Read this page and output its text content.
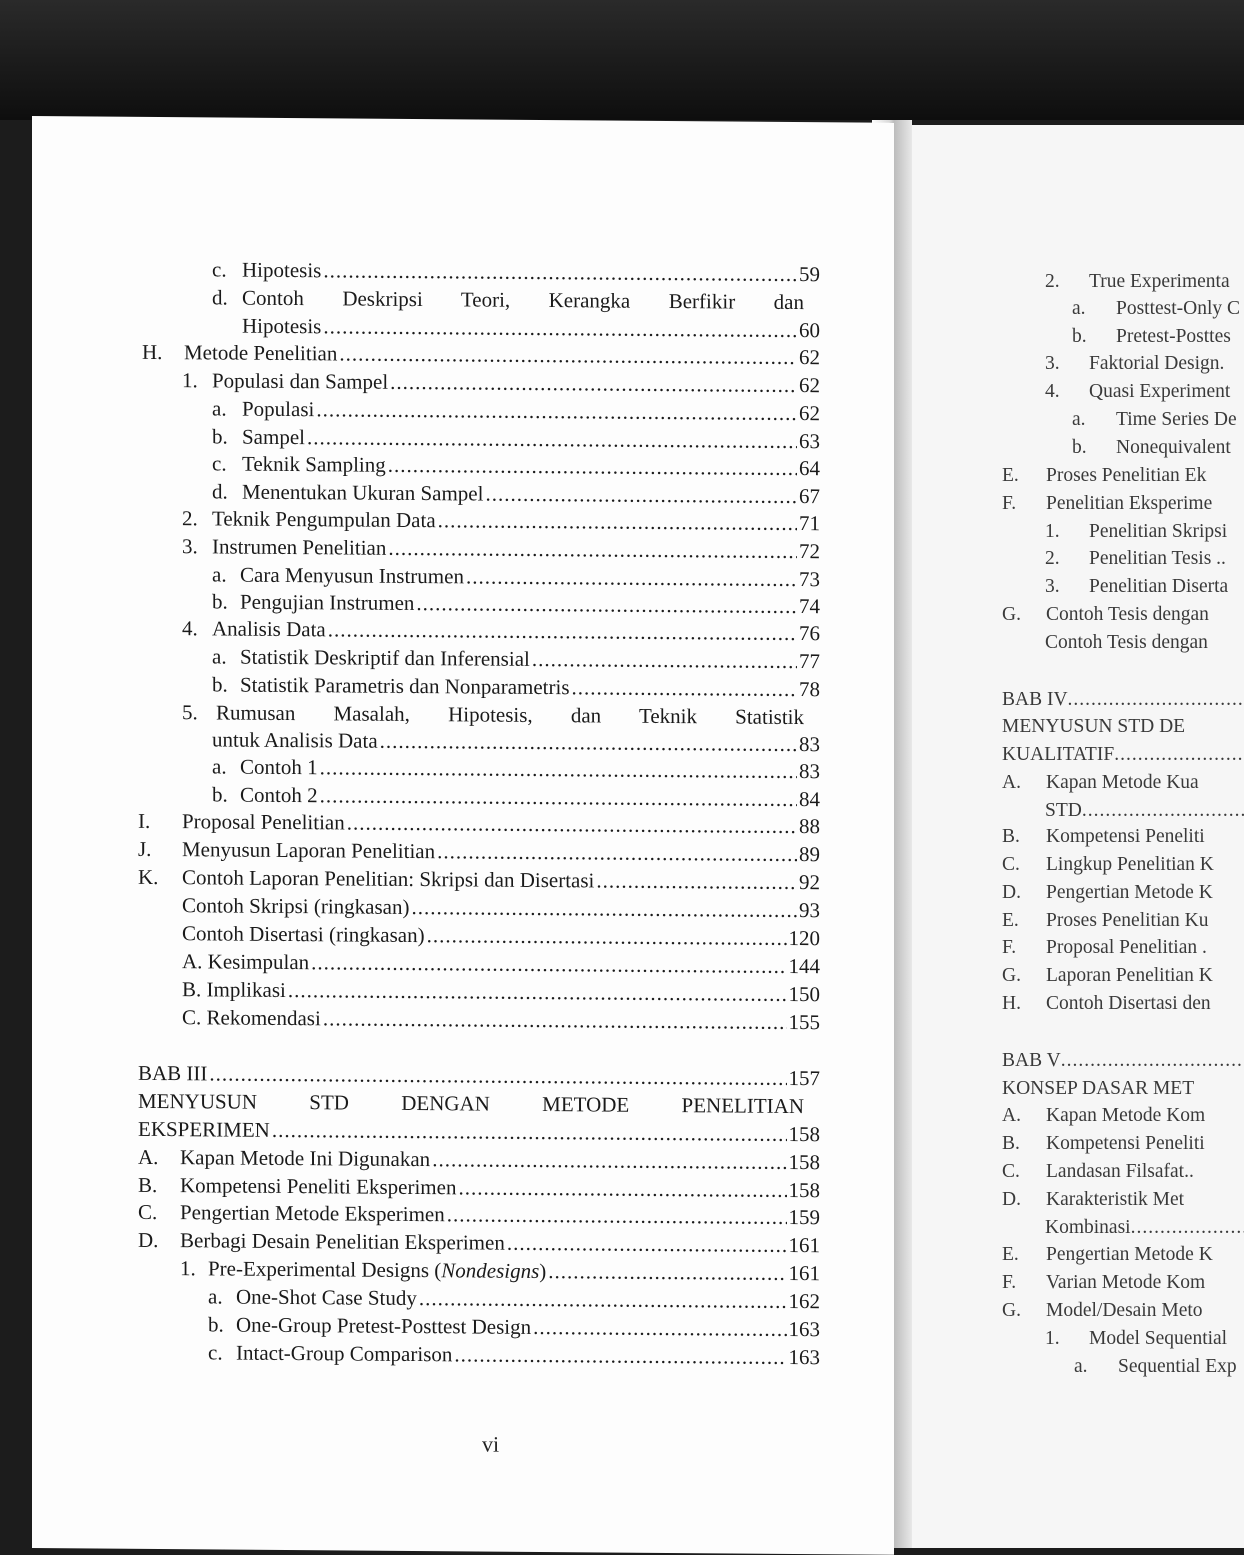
2.	True Experimenta
a.	Posttest-Only C
b.	Pretest-Posttes
3.	Faktorial Design.
4.	Quasi Experiment
a.	Time Series De
b.	Nonequivalent
E.	Proses Penelitian Ek
F.	Penelitian Eksperime
1.	Penelitian Skripsi
2.	Penelitian Tesis ..
3.	Penelitian Diserta
G.	Contoh Tesis dengan
Contoh Tesis dengan
BAB IV
.....
MENYUSUN STD DE
KUALITATIF
.....
A.	Kapan Metode Kua
STD
.....
B.	Kompetensi Peneliti
C.	Lingkup Penelitian K
D.	Pengertian Metode K
E.	Proses Penelitian Ku
F.	Proposal Penelitian .
G.	Laporan Penelitian K
H.	Contoh Disertasi den
BAB V
.....
KONSEP DASAR MET
A.	Kapan Metode Kom
B.	Kompetensi Peneliti
C.	Landasan Filsafat..
D.	Karakteristik Met
Kombinasi
.....
E.	Pengertian Metode K
F.	Varian Metode Kom
G.	Model/Desain Meto
1.	Model Sequential
a.	Sequential Exp
c. Hipotesis .....	59
d. Contoh Deskripsi Teori, Kerangka Berfikir dan
Hipotesis .....	60
H.	Metode Penelitian .....	62
1. Populasi dan Sampel .....	62
a. Populasi .....	62
b. Sampel .....	63
c. Teknik Sampling .....	64
d. Menentukan Ukuran Sampel .....	67
2. Teknik Pengumpulan Data .....	71
3. Instrumen Penelitian .....	72
a. Cara Menyusun Instrumen .....	73
b. Pengujian Instrumen .....	74
4. Analisis Data .....	76
a. Statistik Deskriptif dan Inferensial .....	77
b. Statistik Parametris dan Nonparametris .....	78
5. Rumusan Masalah, Hipotesis, dan Teknik Statistik
untuk Analisis Data .....	83
a. Contoh 1 .....	83
b. Contoh 2 .....	84
I.	Proposal Penelitian .....	88
J.	Menyusun Laporan Penelitian .....	89
K.	Contoh Laporan Penelitian: Skripsi dan Disertasi .....	92
Contoh Skripsi (ringkasan) .....	93
Contoh Disertasi (ringkasan) .....	120
A. Kesimpulan .....	144
B. Implikasi .....	150
C. Rekomendasi .....	155
BAB III .....	157
MENYUSUN STD DENGAN METODE PENELITIAN
EKSPERIMEN .....	158
A.	Kapan Metode Ini Digunakan .....	158
B.	Kompetensi Peneliti Eksperimen .....	158
C.	Pengertian Metode Eksperimen .....	159
D.	Berbagi Desain Penelitian Eksperimen .....	161
1. Pre-Experimental Designs (Nondesigns) .....	161
a. One-Shot Case Study .....	162
b. One-Group Pretest-Posttest Design .....	163
c. Intact-Group Comparison .....	163
vi
